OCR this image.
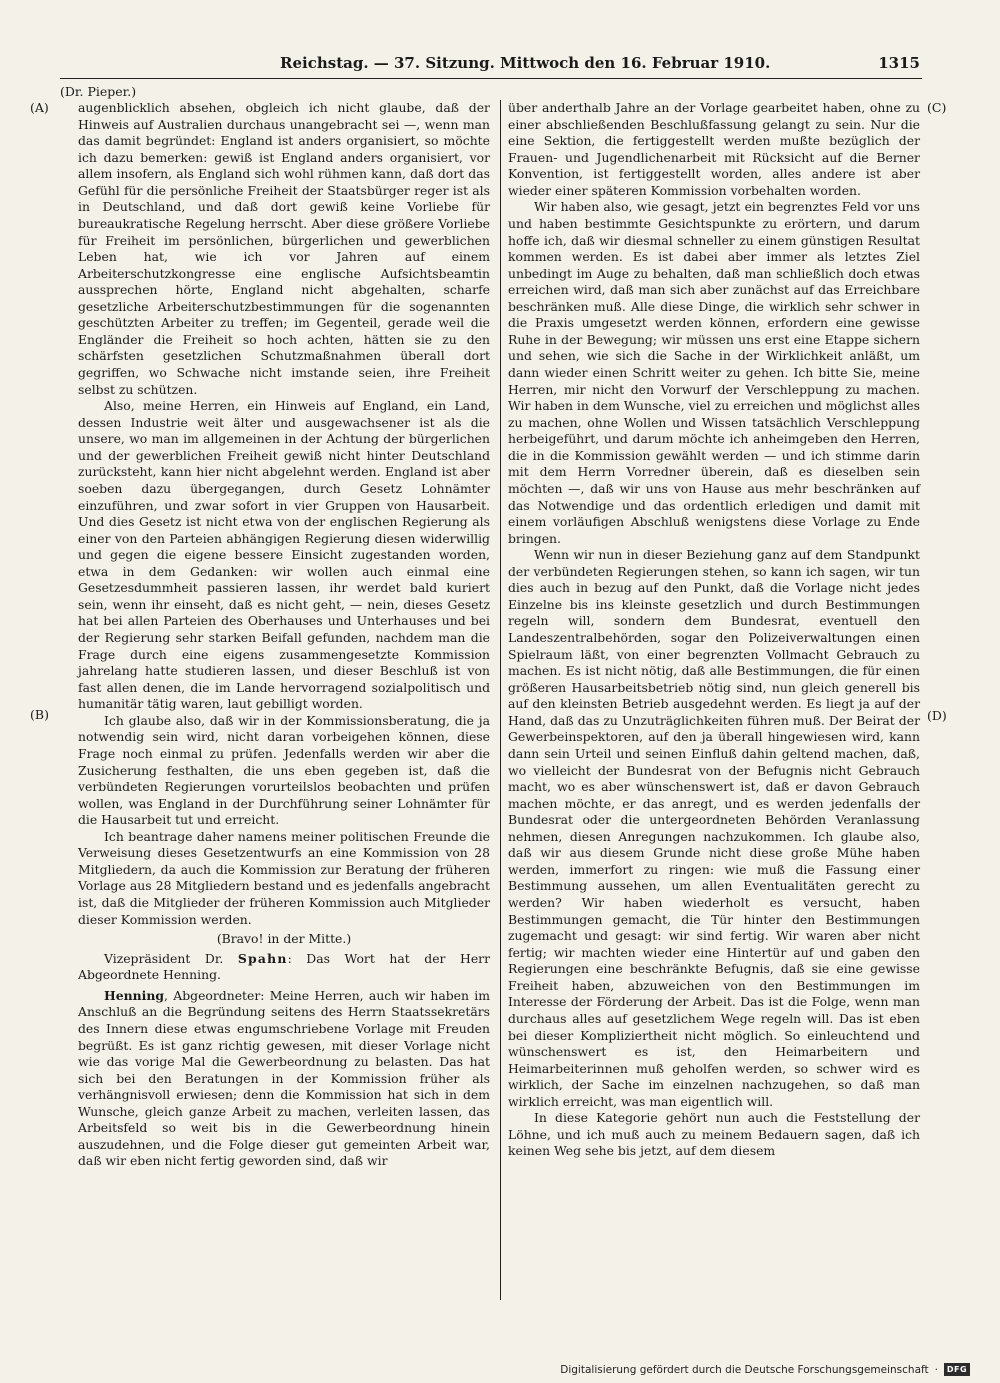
Reichstag. — 37. Sitzung. Mittwoch den 16. Februar 1910.	1315
(Dr. Pieper.)
(A)
(B)
(C)
(D)

augenblicklich absehen, obgleich ich nicht glaube, daß der Hinweis auf Australien durchaus unangebracht sei —, wenn man das damit begründet: England ist anders organisiert, so möchte ich dazu bemerken: gewiß ist England anders organisiert, vor allem insofern, als England sich wohl rühmen kann, daß dort das Gefühl für die persönliche Freiheit der Staatsbürger reger ist als in Deutschland, und daß dort gewiß keine Vorliebe für bureaukratische Regelung herrscht. Aber diese größere Vorliebe für Freiheit im persönlichen, bürgerlichen und gewerblichen Leben hat, wie ich vor Jahren auf einem Arbeiterschutzkongresse eine englische Aufsichtsbeamtin aussprechen hörte, England nicht abgehalten, scharfe gesetzliche Arbeiterschutzbestimmungen für die sogenannten geschützten Arbeiter zu treffen; im Gegenteil, gerade weil die Engländer die Freiheit so hoch achten, hätten sie zu den schärfsten gesetzlichen Schutzmaßnahmen überall dort gegriffen, wo Schwache nicht imstande seien, ihre Freiheit selbst zu schützen.

Also, meine Herren, ein Hinweis auf England, ein Land, dessen Industrie weit älter und ausgewachsener ist als die unsere, wo man im allgemeinen in der Achtung der bürgerlichen und der gewerblichen Freiheit gewiß nicht hinter Deutschland zurücksteht, kann hier nicht abgelehnt werden. England ist aber soeben dazu übergegangen, durch Gesetz Lohnämter einzuführen, und zwar sofort in vier Gruppen von Hausarbeit. Und dies Gesetz ist nicht etwa von der englischen Regierung als einer von den Parteien abhängigen Regierung diesen widerwillig und gegen die eigene bessere Einsicht zugestanden worden, etwa in dem Gedanken: wir wollen auch einmal eine Gesetzesdummheit passieren lassen, ihr werdet bald kuriert sein, wenn ihr einseht, daß es nicht geht, — nein, dieses Gesetz hat bei allen Parteien des Oberhauses und Unterhauses und bei der Regierung sehr starken Beifall gefunden, nachdem man die Frage durch eine eigens zusammengesetzte Kommission jahrelang hatte studieren lassen, und dieser Beschluß ist von fast allen denen, die im Lande hervorragend sozialpolitisch und humanitär tätig waren, laut gebilligt worden.

Ich glaube also, daß wir in der Kommissionsberatung, die ja notwendig sein wird, nicht daran vorbeigehen können, diese Frage noch einmal zu prüfen. Jedenfalls werden wir aber die Zusicherung festhalten, die uns eben gegeben ist, daß die verbündeten Regierungen vorurteilslos beobachten und prüfen wollen, was England in der Durchführung seiner Lohnämter für die Hausarbeit tut und erreicht.

Ich beantrage daher namens meiner politischen Freunde die Verweisung dieses Gesetzentwurfs an eine Kommission von 28 Mitgliedern, da auch die Kommission zur Beratung der früheren Vorlage aus 28 Mitgliedern bestand und es jedenfalls angebracht ist, daß die Mitglieder der früheren Kommission auch Mitglieder dieser Kommission werden.

(Bravo! in der Mitte.)

Vizepräsident Dr. Spahn: Das Wort hat der Herr Abgeordnete Henning.

Henning, Abgeordneter: Meine Herren, auch wir haben im Anschluß an die Begründung seitens des Herrn Staatssekretärs des Innern diese etwas engumschriebene Vorlage mit Freuden begrüßt. Es ist ganz richtig gewesen, mit dieser Vorlage nicht wie das vorige Mal die Gewerbeordnung zu belasten. Das hat sich bei den Beratungen in der Kommission früher als verhängnisvoll erwiesen; denn die Kommission hat sich in dem Wunsche, gleich ganze Arbeit zu machen, verleiten lassen, das Arbeitsfeld so weit bis in die Gewerbeordnung hinein auszudehnen, und die Folge dieser gut gemeinten Arbeit war, daß wir eben nicht fertig geworden sind, daß wir

über anderthalb Jahre an der Vorlage gearbeitet haben, ohne zu einer abschließenden Beschlußfassung gelangt zu sein. Nur die eine Sektion, die fertiggestellt werden mußte bezüglich der Frauen- und Jugendlichenarbeit mit Rücksicht auf die Berner Konvention, ist fertiggestellt worden, alles andere ist aber wieder einer späteren Kommission vorbehalten worden.

Wir haben also, wie gesagt, jetzt ein begrenztes Feld vor uns und haben bestimmte Gesichtspunkte zu erörtern, und darum hoffe ich, daß wir diesmal schneller zu einem günstigen Resultat kommen werden. Es ist dabei aber immer als letztes Ziel unbedingt im Auge zu behalten, daß man schließlich doch etwas erreichen wird, daß man sich aber zunächst auf das Erreichbare beschränken muß. Alle diese Dinge, die wirklich sehr schwer in die Praxis umgesetzt werden können, erfordern eine gewisse Ruhe in der Bewegung; wir müssen uns erst eine Etappe sichern und sehen, wie sich die Sache in der Wirklichkeit anläßt, um dann wieder einen Schritt weiter zu gehen. Ich bitte Sie, meine Herren, mir nicht den Vorwurf der Verschleppung zu machen. Wir haben in dem Wunsche, viel zu erreichen und möglichst alles zu machen, ohne Wollen und Wissen tatsächlich Verschleppung herbeigeführt, und darum möchte ich anheimgeben den Herren, die in die Kommission gewählt werden — und ich stimme darin mit dem Herrn Vorredner überein, daß es dieselben sein möchten —, daß wir uns von Hause aus mehr beschränken auf das Notwendige und das ordentlich erledigen und damit mit einem vorläufigen Abschluß wenigstens diese Vorlage zu Ende bringen.

Wenn wir nun in dieser Beziehung ganz auf dem Standpunkt der verbündeten Regierungen stehen, so kann ich sagen, wir tun dies auch in bezug auf den Punkt, daß die Vorlage nicht jedes Einzelne bis ins kleinste gesetzlich und durch Bestimmungen regeln will, sondern dem Bundesrat, eventuell den Landeszentralbehörden, sogar den Polizeiverwaltungen einen Spielraum läßt, von einer begrenzten Vollmacht Gebrauch zu machen. Es ist nicht nötig, daß alle Bestimmungen, die für einen größeren Hausarbeitsbetrieb nötig sind, nun gleich generell bis auf den kleinsten Betrieb ausgedehnt werden. Es liegt ja auf der Hand, daß das zu Unzuträglichkeiten führen muß. Der Beirat der Gewerbeinspektoren, auf den ja überall hingewiesen wird, kann dann sein Urteil und seinen Einfluß dahin geltend machen, daß, wo vielleicht der Bundesrat von der Befugnis nicht Gebrauch macht, wo es aber wünschenswert ist, daß er davon Gebrauch machen möchte, er das anregt, und es werden jedenfalls der Bundesrat oder die untergeordneten Behörden Veranlassung nehmen, diesen Anregungen nachzukommen. Ich glaube also, daß wir aus diesem Grunde nicht diese große Mühe haben werden, immerfort zu ringen: wie muß die Fassung einer Bestimmung aussehen, um allen Eventualitäten gerecht zu werden? Wir haben wiederholt es versucht, haben Bestimmungen gemacht, die Tür hinter den Bestimmungen zugemacht und gesagt: wir sind fertig. Wir waren aber nicht fertig; wir machten wieder eine Hintertür auf und gaben den Regierungen eine beschränkte Befugnis, daß sie eine gewisse Freiheit haben, abzuweichen von den Bestimmungen im Interesse der Förderung der Arbeit. Das ist die Folge, wenn man durchaus alles auf gesetzlichem Wege regeln will. Das ist eben bei dieser Kompliziertheit nicht möglich. So einleuchtend und wünschenswert es ist, den Heimarbeitern und Heimarbeiterinnen muß geholfen werden, so schwer wird es wirklich, der Sache im einzelnen nachzugehen, so daß man wirklich erreicht, was man eigentlich will.

In diese Kategorie gehört nun auch die Feststellung der Löhne, und ich muß auch zu meinem Bedauern sagen, daß ich keinen Weg sehe bis jetzt, auf dem diesem

Digitalisierung gefördert durch die Deutsche Forschungsgemeinschaft ·	DFG
